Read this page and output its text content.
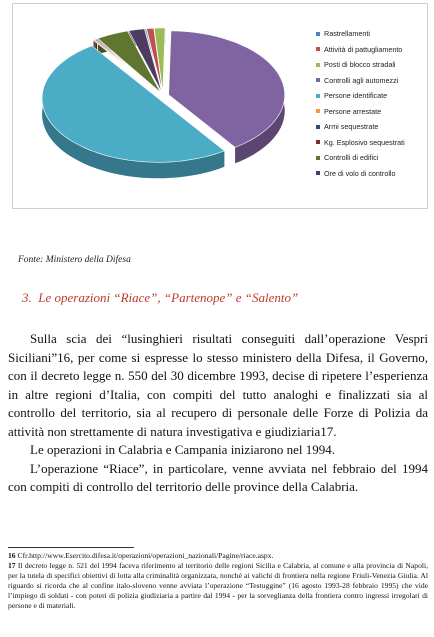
Rastrellamenti
Attività di pattugliamento
Posti di blocco stradali
Controlli agli automezzi
Persone identificate
Persone arrestate
Armi sequestrate
Kg. Esplosivo sequestrati
Controlli di edifici
Ore di volo di controllo
Fonte: Ministero della Difesa
3. Le operazioni “Riace”, “Partenope” e “Salento”

Sulla scia dei “lusinghieri risultati conseguiti dall’operazione Vespri Siciliani”16, per come si espresse lo stesso ministero della Difesa, il Governo, con il decreto legge n. 550 del 30 dicembre 1993, decise di ripetere l’esperienza in altre regioni d’Italia, con compiti del tutto analoghi e finalizzati sia al controllo del territorio, sia al recupero di personale delle Forze di Polizia da attività non strettamente di natura investigativa e giudiziaria17.

Le operazioni in Calabria e Campania iniziarono nel 1994.

L’operazione “Riace”, in particolare, venne avviata nel febbraio del 1994 con compiti di controllo del territorio delle province della Calabria.

16 Cfr.http://www.Esercito.difesa.it/operazioni/operazioni_nazionali/Pagine/riace.aspx.

17 Il decreto legge n. 521 del 1994 faceva riferimento al territorio delle regioni Sicilia e Calabria, al comune e alla provincia di Napoli, per la tutela di specifici obiettivi di lotta alla criminalità organizzata, nonché ai valichi di frontiera nella regione Friuli-Venezia Giulia. Al riguardo si ricorda che al confine italo-sloveno venne avviata l’operazione “Testuggine” (16 agosto 1993-28 febbraio 1995) che vide l’impiego di soldati - con poteri di polizia giudiziaria a partire dal 1994 - per la sorveglianza della frontiera contro ingressi irregolari di persone e di materiali.
